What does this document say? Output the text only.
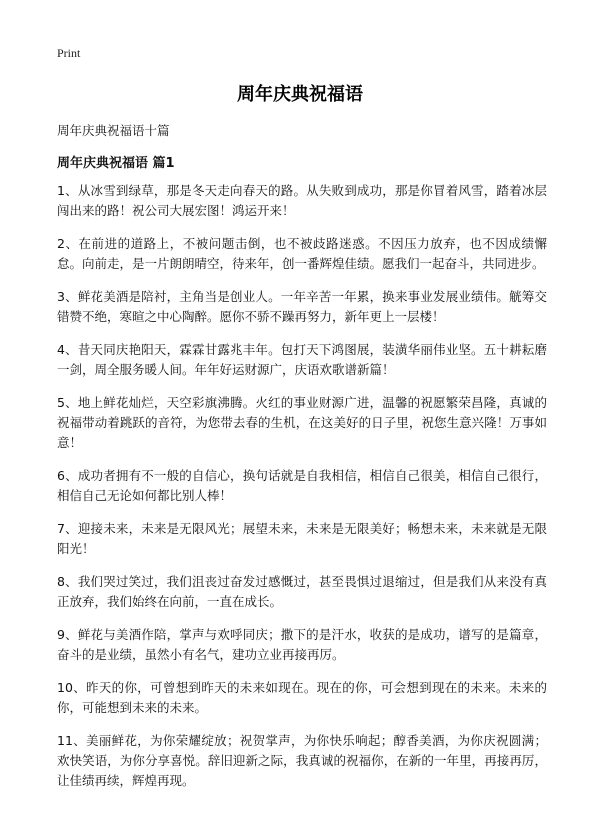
Print
周年庆典祝福语

周年庆典祝福语十篇

周年庆典祝福语 篇1

1、从冰雪到绿草，那是冬天走向春天的路。从失败到成功，那是你冒着风雪，踏着冰层闯出来的路！祝公司大展宏图！鸿运开来！

2、在前进的道路上，不被问题击倒，也不被歧路迷惑。不因压力放弃，也不因成绩懈怠。向前走，是一片朗朗晴空，待来年，创一番辉煌佳绩。愿我们一起奋斗，共同进步。

3、鲜花美酒是陪衬，主角当是创业人。一年辛苦一年累，换来事业发展业绩伟。觥筹交错赞不绝，寒暄之中心陶醉。愿你不骄不躁再努力，新年更上一层楼！

4、昔天同庆艳阳天，霖霖甘露兆丰年。包打天下鸿图展，装潢华丽伟业坚。五十耕耘磨一剑，周全服务暖人间。年年好运财源广，庆语欢歌谱新篇！

5、地上鲜花灿烂，天空彩旗沸腾。火红的事业财源广进，温馨的祝愿繁荣昌隆，真诚的祝福带动着跳跃的音符，为您带去春的生机，在这美好的日子里，祝您生意兴隆！万事如意！

6、成功者拥有不一般的自信心，换句话就是自我相信，相信自己很美，相信自己很行，相信自己无论如何都比别人棒！

7、迎接未来，未来是无限风光；展望未来，未来是无限美好；畅想未来，未来就是无限阳光！

8、我们哭过笑过，我们沮丧过奋发过感慨过，甚至畏惧过退缩过，但是我们从来没有真正放弃，我们始终在向前，一直在成长。

9、鲜花与美酒作陪，掌声与欢呼同庆；撒下的是汗水，收获的是成功，谱写的是篇章，奋斗的是业绩，虽然小有名气，建功立业再接再厉。

10、昨天的你，可曾想到昨天的未来如现在。现在的你，可会想到现在的未来。未来的你，可能想到未来的未来。

11、美丽鲜花，为你荣耀绽放；祝贺掌声，为你快乐响起；醇香美酒，为你庆祝圆满；欢快笑语，为你分享喜悦。辞旧迎新之际，我真诚的祝福你，在新的一年里，再接再厉，让佳绩再续，辉煌再现。
